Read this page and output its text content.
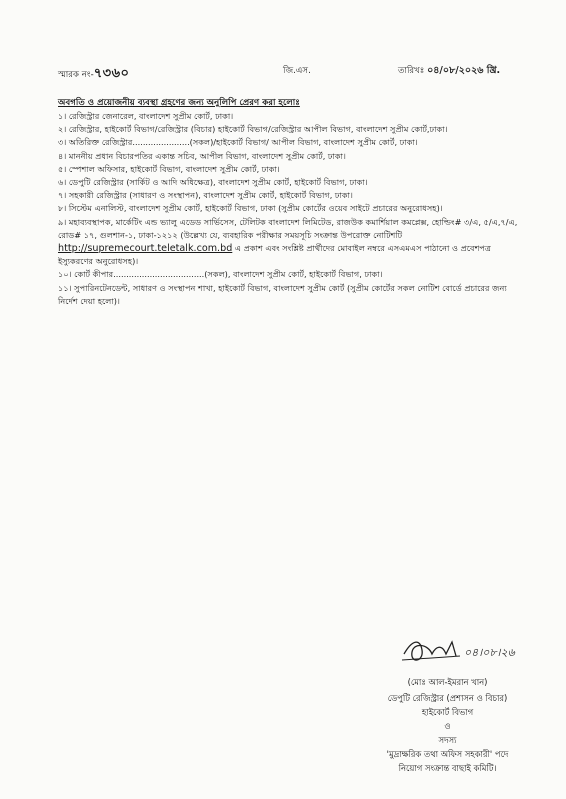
স্মারক নং-৭৩৬০	জি.এস.	তারিখঃ ০৪/০৮/২০২৬ খ্রি.
অবগতি ও প্রয়োজনীয় ব্যবস্থা গ্রহণের জন্য অনুলিপি প্রেরণ করা হলোঃ
১। রেজিস্ট্রার জেনারেল, বাংলাদেশ সুপ্রীম কোর্ট, ঢাকা।
২। রেজিস্ট্রার, হাইকোর্ট বিভাগ/রেজিস্ট্রার (বিচার) হাইকোর্ট বিভাগ/রেজিস্ট্রার আপীল বিভাগ, বাংলাদেশ সুপ্রীম কোর্ট,ঢাকা।
৩। অতিরিক্ত রেজিস্ট্রার......................(সকল)/হাইকোর্ট বিভাগ/ আপীল বিভাগ, বাংলাদেশ সুপ্রীম কোর্ট, ঢাকা।
৪। মাননীয় প্রধান বিচারপতির একান্ত সচিব, আপীল বিভাগ, বাংলাদেশ সুপ্রীম কোর্ট, ঢাকা।
৫। স্পেশাল অফিসার, হাইকোর্ট বিভাগ, বাংলাদেশ সুপ্রীম কোর্ট, ঢাকা।
৬। ডেপুটি রেজিস্ট্রার (সার্কিট ও আদি অধিক্ষেত্র), বাংলাদেশ সুপ্রীম কোর্ট, হাইকোর্ট বিভাগ, ঢাকা।
৭। সহকারী রেজিস্ট্রার (সাধারণ ও সংস্থাপন), বাংলাদেশ সুপ্রীম কোর্ট, হাইকোর্ট বিভাগ, ঢাকা।
৮। সিস্টেম এনালিস্ট, বাংলাদেশ সুপ্রীম কোর্ট, হাইকোর্ট বিভাগ, ঢাকা (সুপ্রীম কোর্টের ওয়েব সাইটে প্রচারের অনুরোধসহ)।
৯। মহাব্যবস্থাপক, মার্কেটিং এন্ড ভ্যালু এডেড সার্ভিসেস, টেলিটক বাংলাদেশ লিমিটেড, রাজউক কমার্শিয়াল কমপ্লেক্স, হোল্ডিং# ৩/এ, ৫/এ,৭/এ, রোড# ১৭, গুলশান-১, ঢাকা-১২১২ (উল্লেখ্য যে, ব্যবহারিক পরীক্ষার সময়সূচি সংক্রান্ত উপরোক্ত নোটিশটি http://supremecourt.teletalk.com.bd এ প্রকাশ এবং সংশ্লিষ্ট প্রার্থীদের মোবাইল নম্বরে এসএমএস পাঠানো ও প্রবেশপত্র ইস্যুকরণের অনুরোধসহ)।
১০। কোর্ট কীপার...................................(সকল), বাংলাদেশ সুপ্রীম কোর্ট, হাইকোর্ট বিভাগ, ঢাকা।
১১। সুপারিনটেনডেন্ট, সাধারণ ও সংস্থাপন শাখা, হাইকোর্ট বিভাগ, বাংলাদেশ সুপ্রীম কোর্ট (সুপ্রীম কোর্টের সকল নোটিশ বোর্ডে প্রচারের জন্য নির্দেশ দেয়া হলো)।
০৪।০৮।২৬
(মোঃ আল-ইমরান খান)
ডেপুটি রেজিস্ট্রার (প্রশাসন ও বিচার)
হাইকোর্ট বিভাগ
ও
সদস্য
'মুদ্রাক্ষরিক তথা অফিস সহকারী' পদে
নিয়োগ সংক্রান্ত বাছাই কমিটি।
